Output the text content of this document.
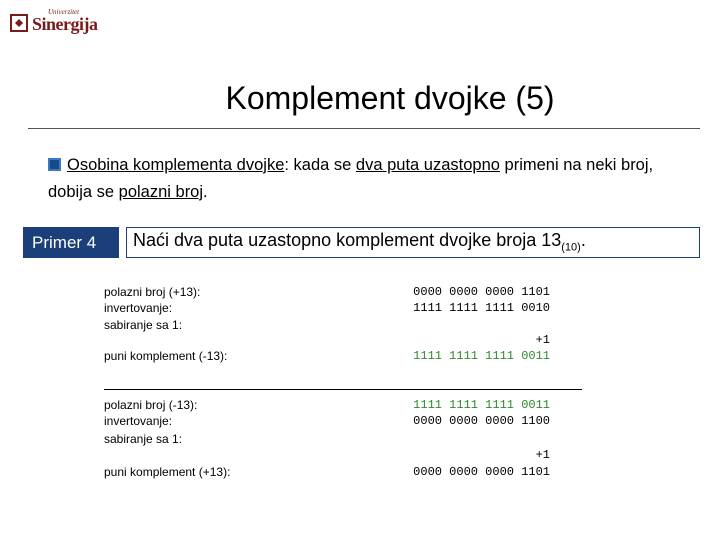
Univerzitet
Sinergija
Komplement dvojke (5)
Osobina komplementa dvojke: kada se dva puta uzastopno primeni na neki broj, dobija se polazni broj.
Primer 4	Naći dva puta uzastopno komplement dvojke broja $13_{(10)}$.
polazni broj (+13):
invertovanje:
sabiranje sa 1:
puni komplement (-13):
0000 0000 0000 1101
1111 1111 1111 0010
+1
1111 1111 1111 0011
polazni broj (-13):
invertovanje:
sabiranje sa 1:
puni komplement (+13):
1111 1111 1111 0011
0000 0000 0000 1100
+1
0000 0000 0000 1101
